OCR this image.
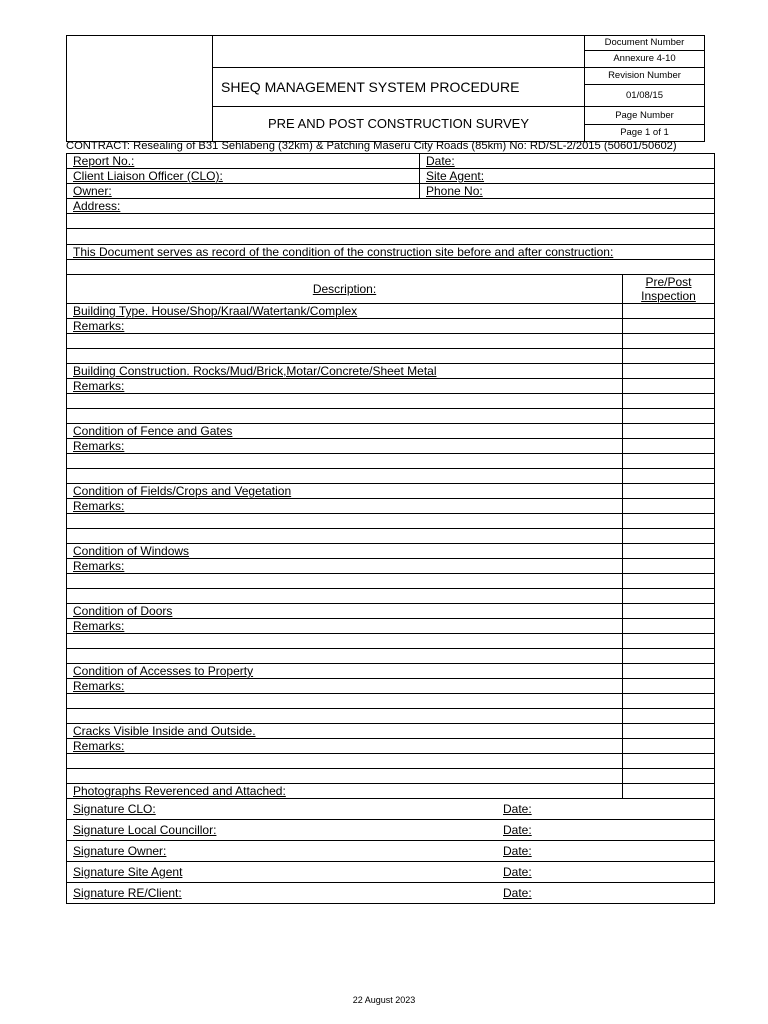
		Document Number
		Annexure 4-10
	SHEQ MANAGEMENT SYSTEM PROCEDURE	Revision Number
		01/08/15
	PRE AND POST CONSTRUCTION SURVEY	Page Number
		Page 1 of 1
CONTRACT: Resealing of B31 Sehlabeng (32km) & Patching Maseru City Roads (85km) No: RD/SL-2/2015 (50601/50602)
Report No.:	Date:	
Client Liaison Officer (CLO):	Site Agent:	
Owner:	Phone No:	
Address:		

This Document serves as record of the condition of the construction site before and after construction:		

Description:		Pre/Post
Inspection
Building Type. House/Shop/Kraal/Watertank/Complex		
Remarks:		

Building Construction. Rocks/Mud/Brick,Motar/Concrete/Sheet Metal		
Remarks:		

Condition of Fence and Gates		
Remarks:		

Condition of Fields/Crops and Vegetation		
Remarks:		

Condition of Windows		
Remarks:		

Condition of Doors		
Remarks:		

Condition of Accesses to Property		
Remarks:		

Cracks Visible Inside and Outside.		
Remarks:		

Photographs Reverenced and Attached:		
Signature CLO: Date:		
Signature Local Councillor: Date:		
Signature Owner: Date:		
Signature Site Agent Date:		
Signature RE/Client: Date:		
22 August 2023
